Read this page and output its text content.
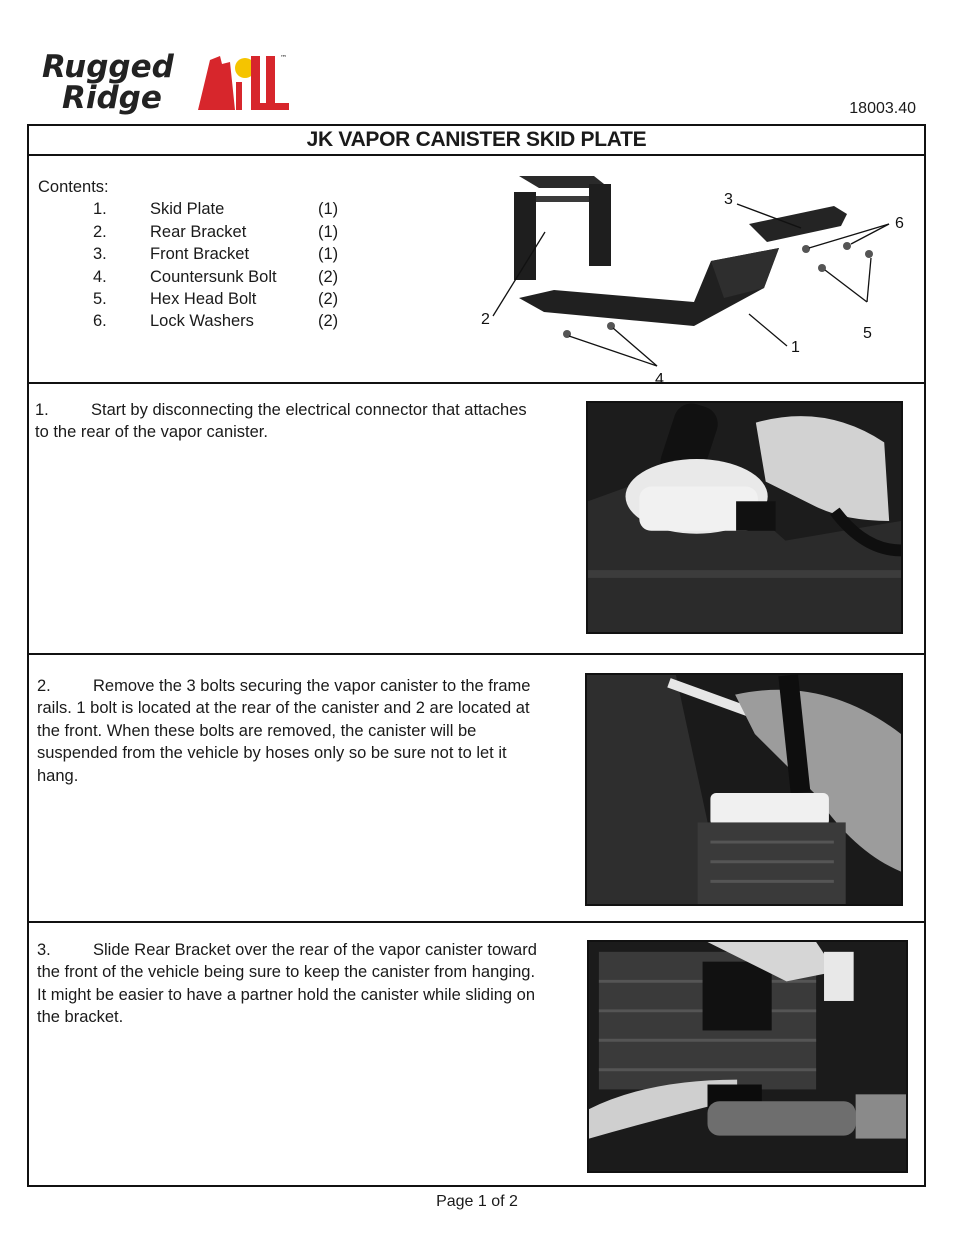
Rugged
Ridge
™
18003.40
JK VAPOR CANISTER SKID PLATE
Contents:
1.	Skid Plate	(1)
2.	Rear Bracket	(1)
3.	Front Bracket	(1)
4.	Countersunk Bolt	(2)
5.	Hex Head Bolt	(2)
6.	Lock Washers	(2)
1
2
3
4
5
6
1.	Start by disconnecting the electrical connector that attaches
to the rear of the vapor canister.
2.	Remove the 3 bolts securing the vapor canister to the frame
rails. 1 bolt is located at the rear of the canister and 2 are located at
the front. When these bolts are removed, the canister will be
suspended from the vehicle by hoses only so be sure not to let it
hang.
3.	Slide Rear Bracket over the rear of the vapor canister toward
the front of the vehicle being sure to keep the canister from hanging.
It might be easier to have a partner hold the canister while sliding on
the bracket.
Page 1 of 2
